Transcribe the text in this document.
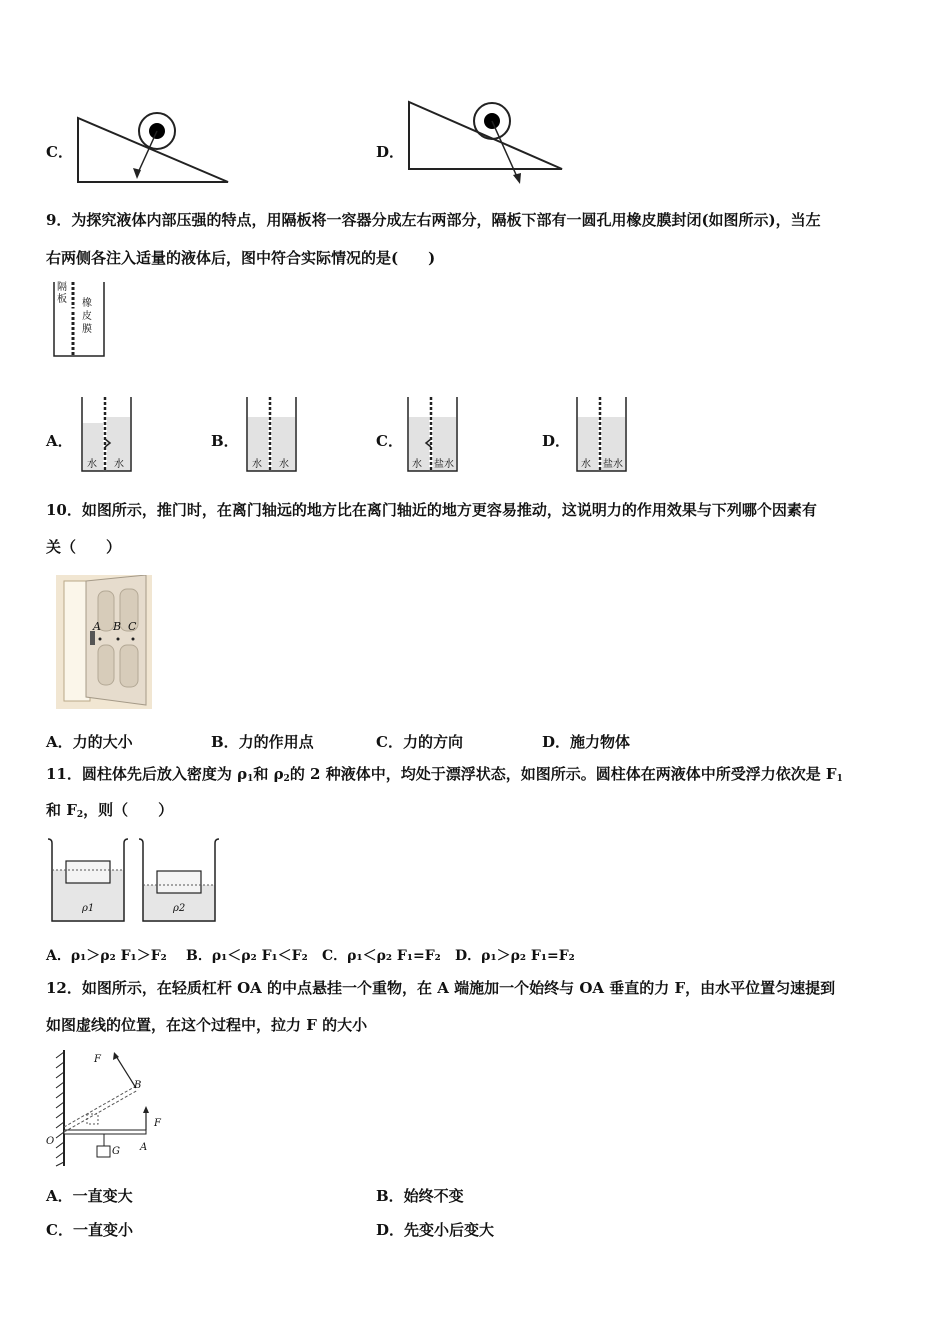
C．	D．
9．为探究液体内部压强的特点，用隔板将一容器分成左右两部分，隔板下部有一圆孔用橡皮膜封闭(如图所示)，当左
右两侧各注入适量的液体后，图中符合实际情况的是(　　)
隔
板 橡
皮
膜
A．
水 水
B．
水 水
C．
水 盐水
D．
水 盐水
10．如图所示，推门时，在离门轴远的地方比在离门轴近的地方更容易推动，这说明力的作用效果与下列哪个因素有
关（　　）
A B C
A．力的大小	B．力的作用点	C．力的方向	D．施力物体
11．圆柱体先后放入密度为 $\rho_1$和 $\rho_2$的 2 种液体中，均处于漂浮状态，如图所示。圆柱体在两液体中所受浮力依次是 $F_1$
和 $F_2$，则（　　）
ρ1	ρ2
A．ρ₁＞ρ₂ F₁＞F₂ B．ρ₁＜ρ₂ F₁＜F₂ C．ρ₁＜ρ₂ F₁=F₂ D．ρ₁＞ρ₂ F₁=F₂
12．如图所示，在轻质杠杆 OA 的中点悬挂一个重物，在 A 端施加一个始终与 OA 垂直的力 F，由水平位置匀速提到
如图虚线的位置，在这个过程中，拉力 F 的大小
O
A
B
F
F
G
A．一直变大	B．始终不变
C．一直变小	D．先变小后变大
